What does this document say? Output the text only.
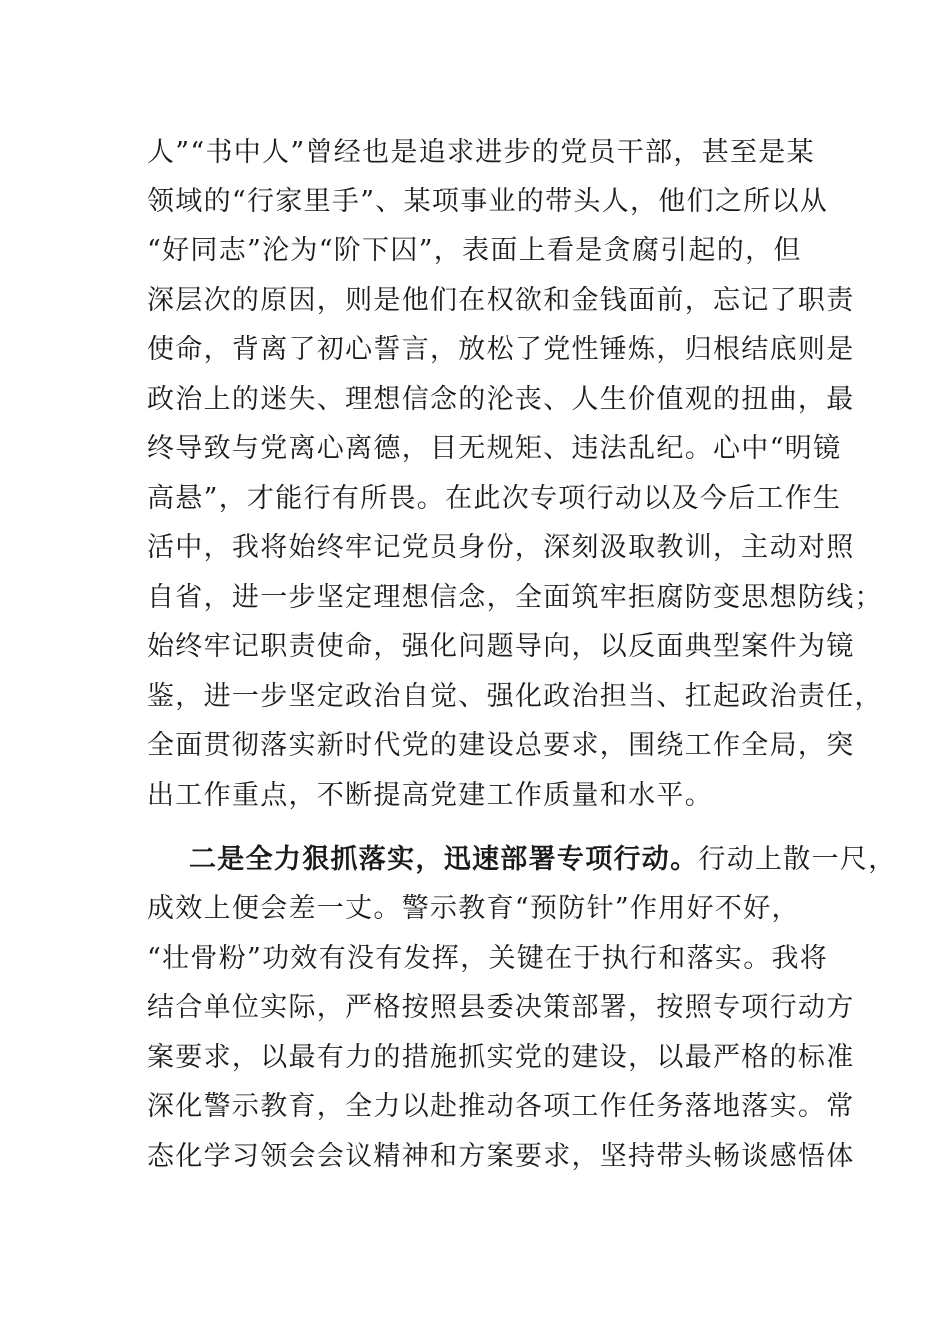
人”“书中人”曾经也是追求进步的党员干部，甚至是某
领域的“行家里手”、某项事业的带头人，他们之所以从
“好同志”沦为“阶下囚”，表面上看是贪腐引起的，但
深层次的原因，则是他们在权欲和金钱面前，忘记了职责
使命，背离了初心誓言，放松了党性锤炼，归根结底则是
政治上的迷失、理想信念的沦丧、人生价值观的扭曲，最
终导致与党离心离德，目无规矩、违法乱纪。心中“明镜
高悬”，才能行有所畏。在此次专项行动以及今后工作生
活中，我将始终牢记党员身份，深刻汲取教训，主动对照
自省，进一步坚定理想信念，全面筑牢拒腐防变思想防线；
始终牢记职责使命，强化问题导向，以反面典型案件为镜
鉴，进一步坚定政治自觉、强化政治担当、扛起政治责任，
全面贯彻落实新时代党的建设总要求，围绕工作全局，突
出工作重点，不断提高党建工作质量和水平。
二是全力狠抓落实，迅速部署专项行动。行动上散一尺，
成效上便会差一丈。警示教育“预防针”作用好不好，
“壮骨粉”功效有没有发挥，关键在于执行和落实。我将
结合单位实际，严格按照县委决策部署，按照专项行动方
案要求，以最有力的措施抓实党的建设，以最严格的标准
深化警示教育，全力以赴推动各项工作任务落地落实。常
态化学习领会会议精神和方案要求，坚持带头畅谈感悟体
